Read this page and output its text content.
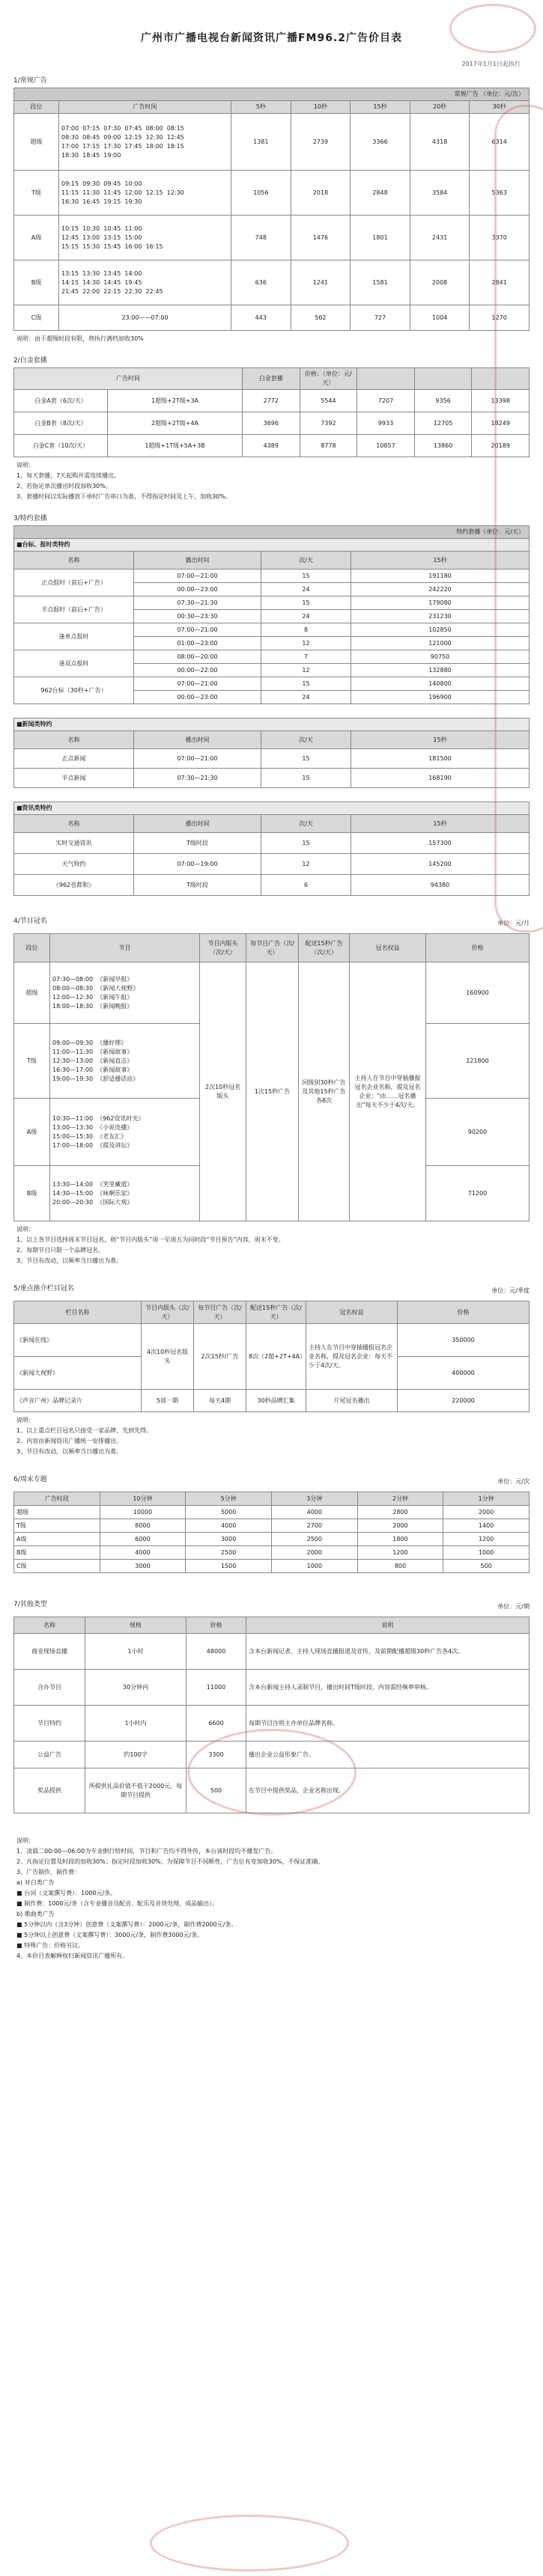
广州市广播电视台新闻资讯广播FM96.2广告价目表
2017年1月1日起执行
1/常规广告
常规广告 （单位：元/次）						
段位	广告时间	5秒	10秒	15秒	20秒	30秒
超级	07:00  07:15  07:30  07:45  08:00  08:15
08:30  08:45  09:00  12:15  12:30  12:45
17:00  17:15  17:30  17:45  18:00  18:15
18:30  18:45  19:00	1381	2739	3366	4318	6314
T级	09:15  09:30  09:45  10:00
11:15  11:30  11:45  12:00  12:15  12:30
16:30  16:45  19:15  19:30	1056	2018	2848	3584	5363
A级	10:15  10:30  10:45  11:00
12:45  13:00  13:15  15:00
15:15  15:30  15:45  16:00  16:15	748	1476	1801	2431	3370
B级	13:15  13:30  13:45  14:00
14:15  14:30  14:45  19:45
21:45  22:00  22:15  22:30  22:45	636	1241	1581	2008	2841
C级	23:00——07:00	443	562	727	1004	1270
说明：由于超级时段有限，将执行满档加收30%
2/白金套播
广告时间		白金套播	价格：（单位：元/天）			
白金A套（6次/天）	1超级+2T级+3A	2772	5544	7207	9356	13398
白金B套（8次/天）	2超级+2T级+4A	3696	7392	9933	12705	18249
白金C套（10次/天）	1超级+1T级+5A+3B	4389	8778	10857	13860	20189
说明：
1、每天套播，7天起购并需连续播出。
2、若指定单次播出时段加收30%。
3、套播时间以实际播放下单时广告串口为准，不得指定时间及上午，加收30%。
3/特约套播
特约套播（单位：元/天）			
■台标、报时类特约			
名称	播出时间	次/天	15秒
正点报时（前后+广告）	07:00—21:00	15	191180
	00:00—23:00	24	242220
半点报时（前后+广告）	07:30—21:30	15	179080
	00:30—23:30	24	231230
逢单点报时	07:00—21:00	8	102850
	01:00—23:00	12	121000
逢双点报时	08:00—20:00	7	90750
	00:00—22:00	12	132880
962台标（30秒+广告）	07:00—21:00	15	140800
	00:00—23:00	24	196900

■新闻类特约			
名称	播出时间	次/天	15秒
正点新闻	07:00—21:00	15	181500
半点新闻	07:30—21:30	15	168190

■资讯类特约			
名称	播出时间	次/天	15秒
实时交通资讯	T级时段	15	157300
天气特约	07:00—19:00	12	145200
《962也都和》	T级时段	6	94380
4/节目冠名	单位：元/月
段位	节目	节目内版头（次/天）	每节目广告（次/天）	配送15秒广告（次/天）	冠名权益	价格
超级	07:30—08:00  《新闻早报》
08:00—08:30  《新闻大视野》
12:00—12:30  《新闻午报》
18:00—18:30  《新闻晚报》	2次10秒冠名版头	1次15秒广告	同级别30秒广告及其他15秒广告各8次	主持人在节目中穿插播报冠名企业名称，提及冠名企业："由……冠名播出"每天不少于4次/天。	160900
T级	09:00—09:30  《播好绑》
11:00—11:30  《新闻故事》
12:30—13:00  《新闻直击》
16:30—17:00  《新闻故事》
19:00—19:30  《舒适播话站》					121800
A级	10:30—11:00  《962资讯时光》
13:00—13:30  《小说连播》
15:00—15:30  《老友汇》
17:00—18:00  《提及讲坛》					90200
B级	13:30—14:00  《笑里藏道》
14:30—15:00  《咏啊乐家》
20:00—20:30  《国际大观》					71200
说明：
1、以上各节目选择周末节目冠名，则“节目内版头”周一至周五为同时段“节目预告”内容，周末不变。
2、每期节目只限一个品牌冠名。
3、节目有改动，以频率当日播出为准。
5/重点推介栏目冠名	单位：元/季度
栏目名称	节目内版头（次/天）	每节目广告（次/天）	配送15秒广告（次/天）	冠名权益	价格
《新闻在线》	4次10秒冠名版头	2次15秒/广告	8次（2超+2T+4A）	主持人在节目中穿插播报冠名企业名称，提及冠名企业：每天不少于4次/天。	350000
《新闻大视野》					400000
《声音广州》品牌记录片	5部一期	每天4期	30秒品牌汇集	片尾冠名播出	220000
说明：
1、以上重点栏目冠名只接受一家品牌，先到先得。
2、内容由新闻资讯广播统一安排播出。
3、节目有改动，以频率当日播出为准。
6/周末专题	单位：元/次
广告时段	10分钟	5分钟	3分钟	2分钟	1分钟
超级	10000	5000	4000	2800	2000
T级	8000	4000	2700	2000	1400
A级	6000	3000	2500	1800	1200
B级	4000	2500	2000	1200	1000
C级	3000	1500	1000	800	500
7/其他类型	单位：元/期
名称	规格	价格	说明
商业现场直播	1小时	48000	含本台新闻记者、主持人现场直播报道及宣传，及前期配播超级30秒广告各4次。
合办节目	30分钟内	11000	含本台新闻主持人录制节目，播出时间T级时段，内容需经频率审核。
节目特约	1小时内	6600	每期节目注明主办单位品牌名称。
公益广告	约100字	3300	播出企业公益形象广告。
奖品提供	所提供礼品价值不低于2000元，每期节目提供	500	在节目中提供奖品，企业名称出现。
说明：
1、凌晨二00:00—06:00为专业倒行给时间，节目和广告均不得外传，本台该时段均不播发广告。
2、凡指定位置及时段的加收30%；指定时段加收30%，为保障节目不间断性，广告位有变加收30%，不保证准确。
3、广告制作、制作费：
a) 对白类广告
■ 台词（文案撰写费）：1000元/条。
■ 制作费：1000元/条（含专业播音员配音、配乐及音效处理、成品输出）。
b) 歌曲类广告
■ 5分钟以内（含3分钟）创意费（文案撰写费）：2000元/条，制作费2000元/条。
■ 5分钟以上创意费（文案撰写费）：3000元/条，制作费3000元/条。
■ 特殊广告：价格另议。
4、本价目表解释权归新闻资讯广播所有。
